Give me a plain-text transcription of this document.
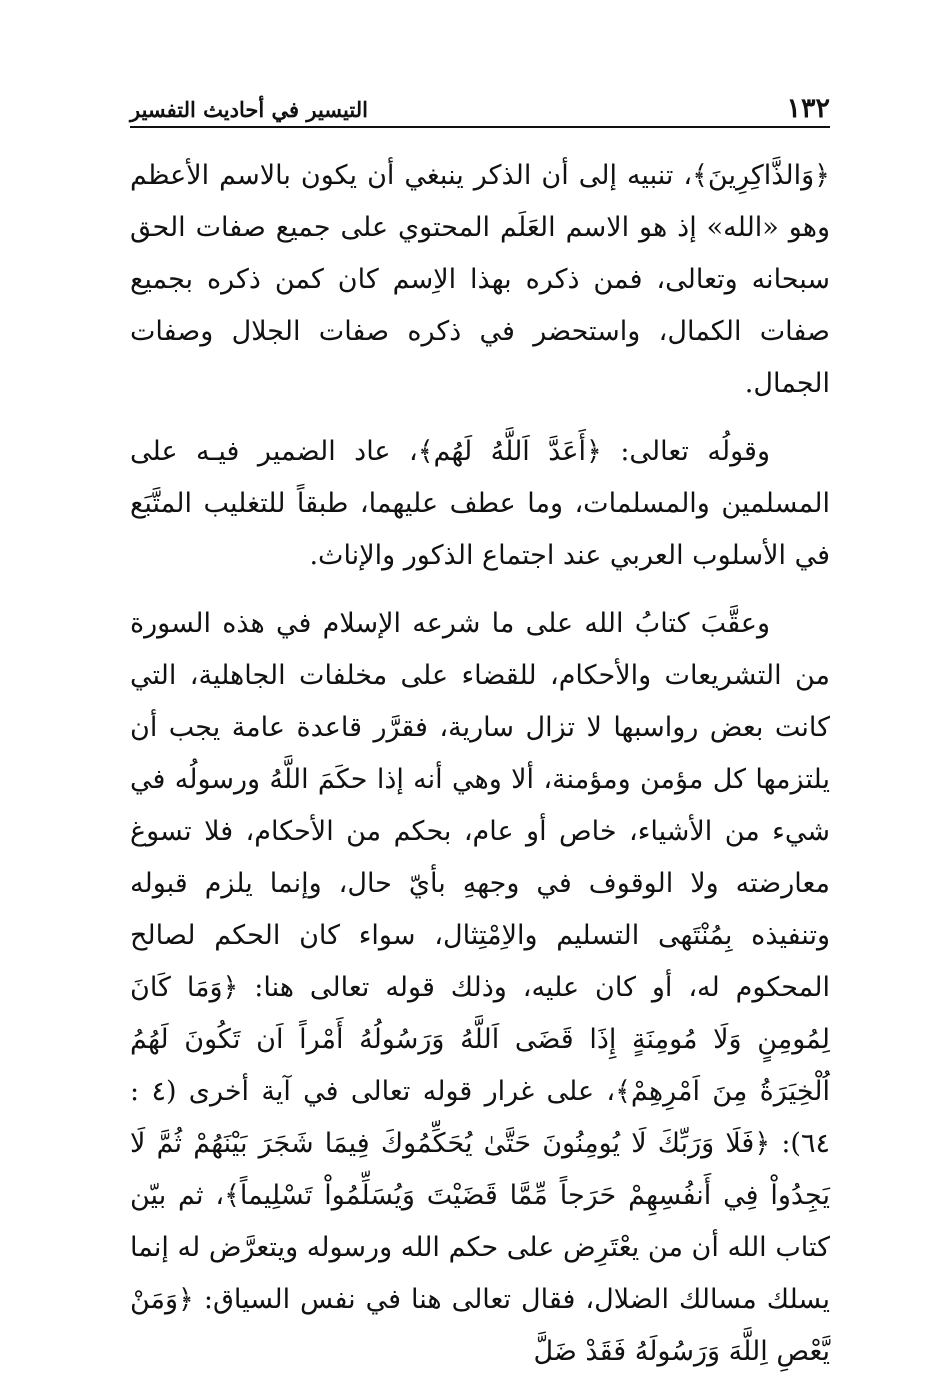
التيسير في أحاديث التفسير	١٣٢

﴿وَالذَّاكِرِينَ﴾، تنبيه إلى أن الذكر ينبغي أن يكون بالاسم الأعظم وهو «الله» إذ هو الاسم العَلَم المحتوي على جميع صفات الحق سبحانه وتعالى، فمن ذكره بهذا الاِسم كان كمن ذكره بجميع صفات الكمال، واستحضر في ذكره صفات الجلال وصفات الجمال.

وقولُه تعالى: ﴿أَعَدَّ اَللَّهُ لَهُم﴾، عاد الضمير فيـه على المسلمين والمسلمات، وما عطف عليهما، طبقاً للتغليب المتَّبَع في الأسلوب العربي عند اجتماع الذكور والإناث.

وعقَّبَ كتابُ الله على ما شرعه الإسلام في هذه السورة من التشريعات والأحكام، للقضاء على مخلفات الجاهلية، التي كانت بعض رواسبها لا تزال سارية، فقرَّر قاعدة عامة يجب أن يلتزمها كل مؤمن ومؤمنة، ألا وهي أنه إذا حكَمَ اللَّهُ ورسولُه في شيء من الأشياء، خاص أو عام، بحكم من الأحكام، فلا تسوغ معارضته ولا الوقوف في وجههِ بأيّ حال، وإنما يلزم قبوله وتنفيذه بِمُنْتَهى التسليم والاِمْتِثال، سواء كان الحكم لصالح المحكوم له، أو كان عليه، وذلك قوله تعالى هنا: ﴿وَمَا كَانَ لِمُومِنٍ وَلَا مُومِنَةٍ إِذَا قَضَى اَللَّهُ وَرَسُولُهُ أَمْراً اَن تَكُونَ لَهُمُ اُلْخِيَرَةُ مِنَ اَمْرِهِمْ﴾، على غرار قوله تعالى في آية أخرى (٤ : ٦٤): ﴿فَلَا وَرَبِّكَ لَا يُومِنُونَ حَتَّىٰ يُحَكِّمُوكَ فِيمَا شَجَرَ بَيْنَهُمْ ثُمَّ لَا يَجِدُواْ فِي أَنفُسِهِمْ حَرَجاً مِّمَّا قَضَيْتَ وَيُسَلِّمُواْ تَسْلِيماً﴾، ثم بيّن كتاب الله أن من يعْتَرِض على حكم الله ورسوله ويتعرَّض له إنما يسلك مسالك الضلال، فقال تعالى هنا في نفس السياق: ﴿وَمَنْ يَّعْصِ اِللَّهَ وَرَسُولَهُ فَقَدْ ضَلَّ
